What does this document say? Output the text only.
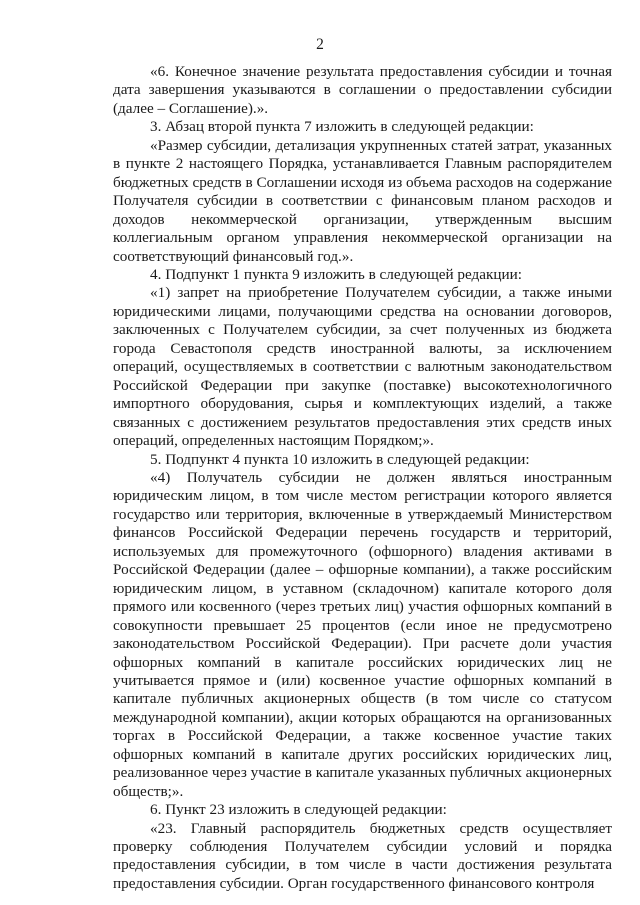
2

«6. Конечное значение результата предоставления субсидии и точная дата завершения указываются в соглашении о предоставлении субсидии (далее – Соглашение).».

3. Абзац второй пункта 7 изложить в следующей редакции:

«Размер субсидии, детализация укрупненных статей затрат, указанных в пункте 2 настоящего Порядка, устанавливается Главным распорядителем бюджетных средств в Соглашении исходя из объема расходов на содержание Получателя субсидии в соответствии с финансовым планом расходов и доходов некоммерческой организации, утвержденным высшим коллегиальным органом управления некоммерческой организации на соответствующий финансовый год.».

4. Подпункт 1 пункта 9 изложить в следующей редакции:

«1) запрет на приобретение Получателем субсидии, а также иными юридическими лицами, получающими средства на основании договоров, заключенных с Получателем субсидии, за счет полученных из бюджета города Севастополя средств иностранной валюты, за исключением операций, осуществляемых в соответствии с валютным законодательством Российской Федерации при закупке (поставке) высокотехнологичного импортного оборудования, сырья и комплектующих изделий, а также связанных с достижением результатов предоставления этих средств иных операций, определенных настоящим Порядком;».

5. Подпункт 4 пункта 10 изложить в следующей редакции:

«4) Получатель субсидии не должен являться иностранным юридическим лицом, в том числе местом регистрации которого является государство или территория, включенные в утверждаемый Министерством финансов Российской Федерации перечень государств и территорий, используемых для промежуточного (офшорного) владения активами в Российской Федерации (далее – офшорные компании), а также российским юридическим лицом, в уставном (складочном) капитале которого доля прямого или косвенного (через третьих лиц) участия офшорных компаний в совокупности превышает 25 процентов (если иное не предусмотрено законодательством Российской Федерации). При расчете доли участия офшорных компаний в капитале российских юридических лиц не учитывается прямое и (или) косвенное участие офшорных компаний в капитале публичных акционерных обществ (в том числе со статусом международной компании), акции которых обращаются на организованных торгах в Российской Федерации, а также косвенное участие таких офшорных компаний в капитале других российских юридических лиц, реализованное через участие в капитале указанных публичных акционерных обществ;».

6. Пункт 23 изложить в следующей редакции:

«23. Главный распорядитель бюджетных средств осуществляет проверку соблюдения Получателем субсидии условий и порядка предоставления субсидии, в том числе в части достижения результата предоставления субсидии. Орган государственного финансового контроля
